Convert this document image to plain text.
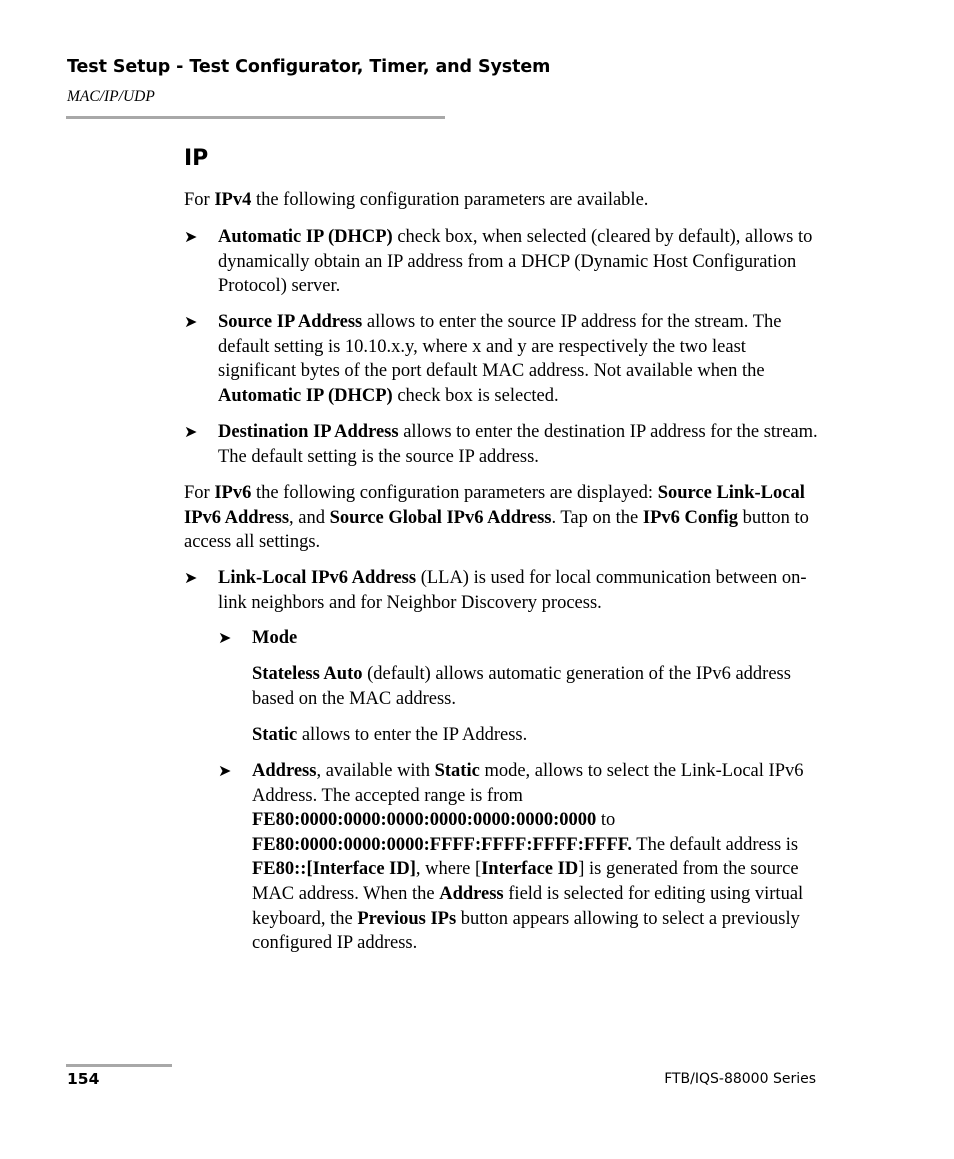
Test Setup - Test Configurator, Timer, and System
MAC/IP/UDP
IP

For IPv4 the following configuration parameters are available.

➤ Automatic IP (DHCP) check box, when selected (cleared by default), allows to dynamically obtain an IP address from a DHCP (Dynamic Host Configuration Protocol) server.
➤ Source IP Address allows to enter the source IP address for the stream. The default setting is 10.10.x.y, where x and y are respectively the two least significant bytes of the port default MAC address. Not available when the Automatic IP (DHCP) check box is selected.
➤ Destination IP Address allows to enter the destination IP address for the stream. The default setting is the source IP address.

For IPv6 the following configuration parameters are displayed: Source Link-Local IPv6 Address, and Source Global IPv6 Address. Tap on the IPv6 Config button to access all settings.

➤ Link-Local IPv6 Address (LLA) is used for local communication between on-link neighbors and for Neighbor Discovery process.
➤ Mode
Stateless Auto (default) allows automatic generation of the IPv6 address based on the MAC address.
Static allows to enter the IP Address.
➤ Address, available with Static mode, allows to select the Link-Local IPv6 Address. The accepted range is from FE80:0000:0000:0000:0000:0000:0000:0000 to FE80:0000:0000:0000:FFFF:FFFF:FFFF:FFFF. The default address is FE80::[Interface ID], where [Interface ID] is generated from the source MAC address. When the Address field is selected for editing using virtual keyboard, the Previous IPs button appears allowing to select a previously configured IP address.
154	FTB/IQS-88000 Series
